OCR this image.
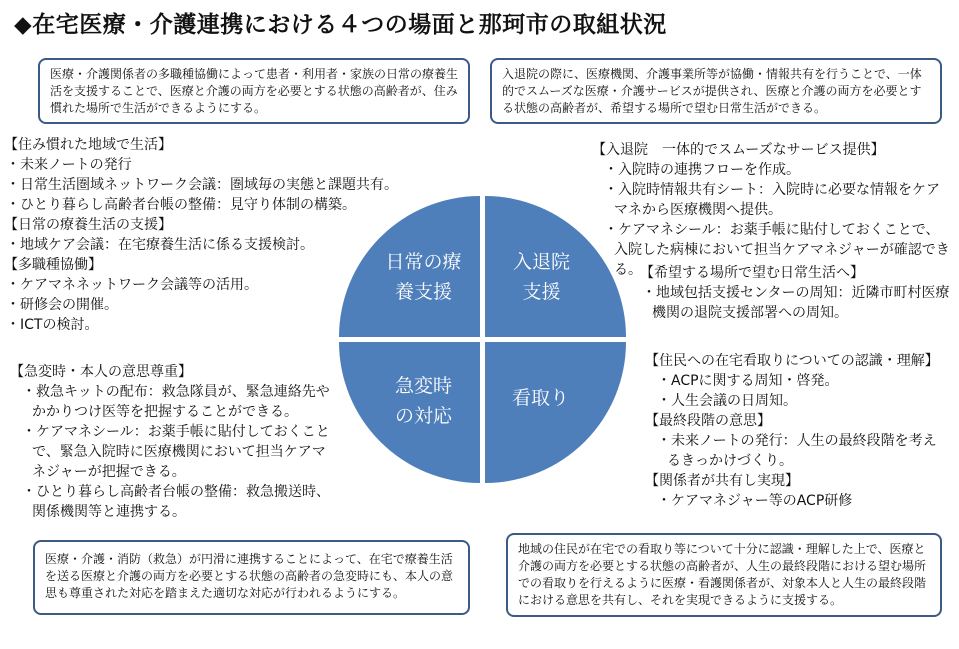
◆在宅医療・介護連携における４つの場面と那珂市の取組状況
医療・介護関係者の多職種協働によって患者・利用者・家族の日常の療養生活を支援することで、医療と介護の両方を必要とする状態の高齢者が、住み慣れた場所で生活ができるようにする。
入退院の際に、医療機関、介護事業所等が協働・情報共有を行うことで、一体的でスムーズな医療・介護サービスが提供され、医療と介護の両方を必要とする状態の高齢者が、希望する場所で望む日常生活ができる。
医療・介護・消防（救急）が円滑に連携することによって、在宅で療養生活を送る医療と介護の両方を必要とする状態の高齢者の急変時にも、本人の意思も尊重された対応を踏まえた適切な対応が行われるようにする。
地域の住民が在宅での看取り等について十分に認識・理解した上で、医療と介護の両方を必要とする状態の高齢者が、人生の最終段階における望む場所での看取りを行えるように医療・看護関係者が、対象本人と人生の最終段階における意思を共有し、それを実現できるように支援する。
日常の療
養支援
入退院
支援
急変時
の対応
看取り
【住み慣れた地域で生活】
・未来ノートの発行
・日常生活圏域ネットワーク会議：圏域毎の実態と課題共有。
・ひとり暮らし高齢者台帳の整備：見守り体制の構築。
【日常の療養生活の支援】
・地域ケア会議：在宅療養生活に係る支援検討。
【多職種協働】
・ケアマネネットワーク会議等の活用。
・研修会の開催。
・ICTの検討。
【入退院　一体的でスムーズなサービス提供】
・入院時の連携フローを作成。
・入院時情報共有シート：入院時に必要な情報をケアマネから医療機関へ提供。
・ケアマネシール：お薬手帳に貼付しておくことで、入院した病棟において担当ケアマネジャーが確認できる。
【希望する場所で望む日常生活へ】
・地域包括支援センターの周知：近隣市町村医療機関の退院支援部署への周知。
【急変時・本人の意思尊重】
・救急キットの配布：救急隊員が、緊急連絡先やかかりつけ医等を把握することができる。
・ケアマネシール：お薬手帳に貼付しておくことで、緊急入院時に医療機関において担当ケアマネジャーが把握できる。
・ひとり暮らし高齢者台帳の整備：救急搬送時、関係機関等と連携する。
【住民への在宅看取りについての認識・理解】
・ACPに関する周知・啓発。
・人生会議の日周知。
【最終段階の意思】
・未来ノートの発行：人生の最終段階を考えるきっかけづくり。
【関係者が共有し実現】
・ケアマネジャー等のACP研修
